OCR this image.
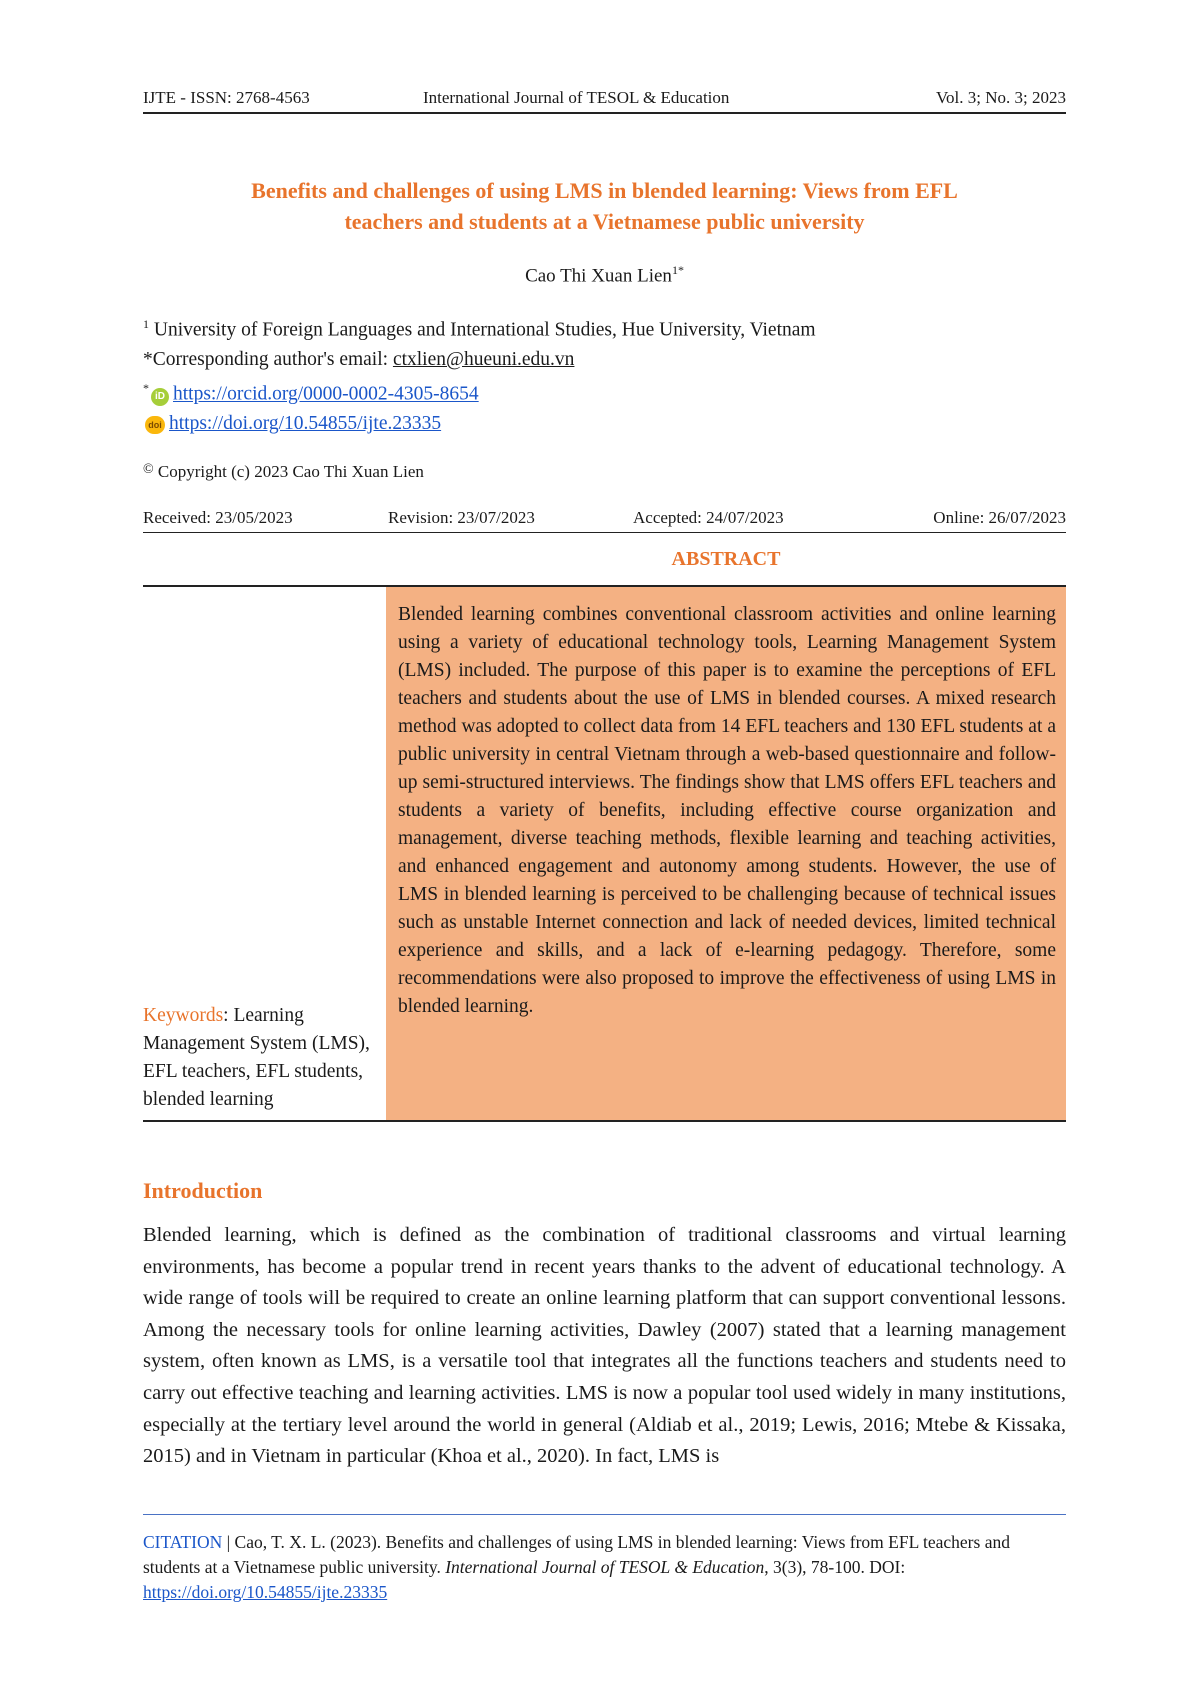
IJTE - ISSN: 2768-4563	International Journal of TESOL & Education	Vol. 3; No. 3; 2023
Benefits and challenges of using LMS in blended learning: Views from EFL
teachers and students at a Vietnamese public university
Cao Thi Xuan Lien$^{1*}$
$^1$ University of Foreign Languages and International Studies, Hue University, Vietnam
*Corresponding author's email: ctxlien@hueuni.edu.vn
*iD https://orcid.org/0000-0002-4305-8654
doi https://doi.org/10.54855/ijte.23335
© Copyright (c) 2023 Cao Thi Xuan Lien
Received: 23/05/2023	Revision: 23/07/2023	Accepted: 24/07/2023	Online: 26/07/2023
ABSTRACT
Keywords: Learning Management System (LMS), EFL teachers, EFL students, blended learning
Blended learning combines conventional classroom activities and online learning using a variety of educational technology tools, Learning Management System (LMS) included. The purpose of this paper is to examine the perceptions of EFL teachers and students about the use of LMS in blended courses. A mixed research method was adopted to collect data from 14 EFL teachers and 130 EFL students at a public university in central Vietnam through a web-based questionnaire and follow-up semi-structured interviews. The findings show that LMS offers EFL teachers and students a variety of benefits, including effective course organization and management, diverse teaching methods, flexible learning and teaching activities, and enhanced engagement and autonomy among students. However, the use of LMS in blended learning is perceived to be challenging because of technical issues such as unstable Internet connection and lack of needed devices, limited technical experience and skills, and a lack of e-learning pedagogy. Therefore, some recommendations were also proposed to improve the effectiveness of using LMS in blended learning.
Introduction
Blended learning, which is defined as the combination of traditional classrooms and virtual learning environments, has become a popular trend in recent years thanks to the advent of educational technology. A wide range of tools will be required to create an online learning platform that can support conventional lessons. Among the necessary tools for online learning activities, Dawley (2007) stated that a learning management system, often known as LMS, is a versatile tool that integrates all the functions teachers and students need to carry out effective teaching and learning activities. LMS is now a popular tool used widely in many institutions, especially at the tertiary level around the world in general (Aldiab et al., 2019; Lewis, 2016; Mtebe & Kissaka, 2015) and in Vietnam in particular (Khoa et al., 2020). In fact, LMS is
CITATION | Cao, T. X. L. (2023). Benefits and challenges of using LMS in blended learning: Views from EFL teachers and students at a Vietnamese public university. International Journal of TESOL & Education, 3(3), 78-100. DOI: https://doi.org/10.54855/ijte.23335
